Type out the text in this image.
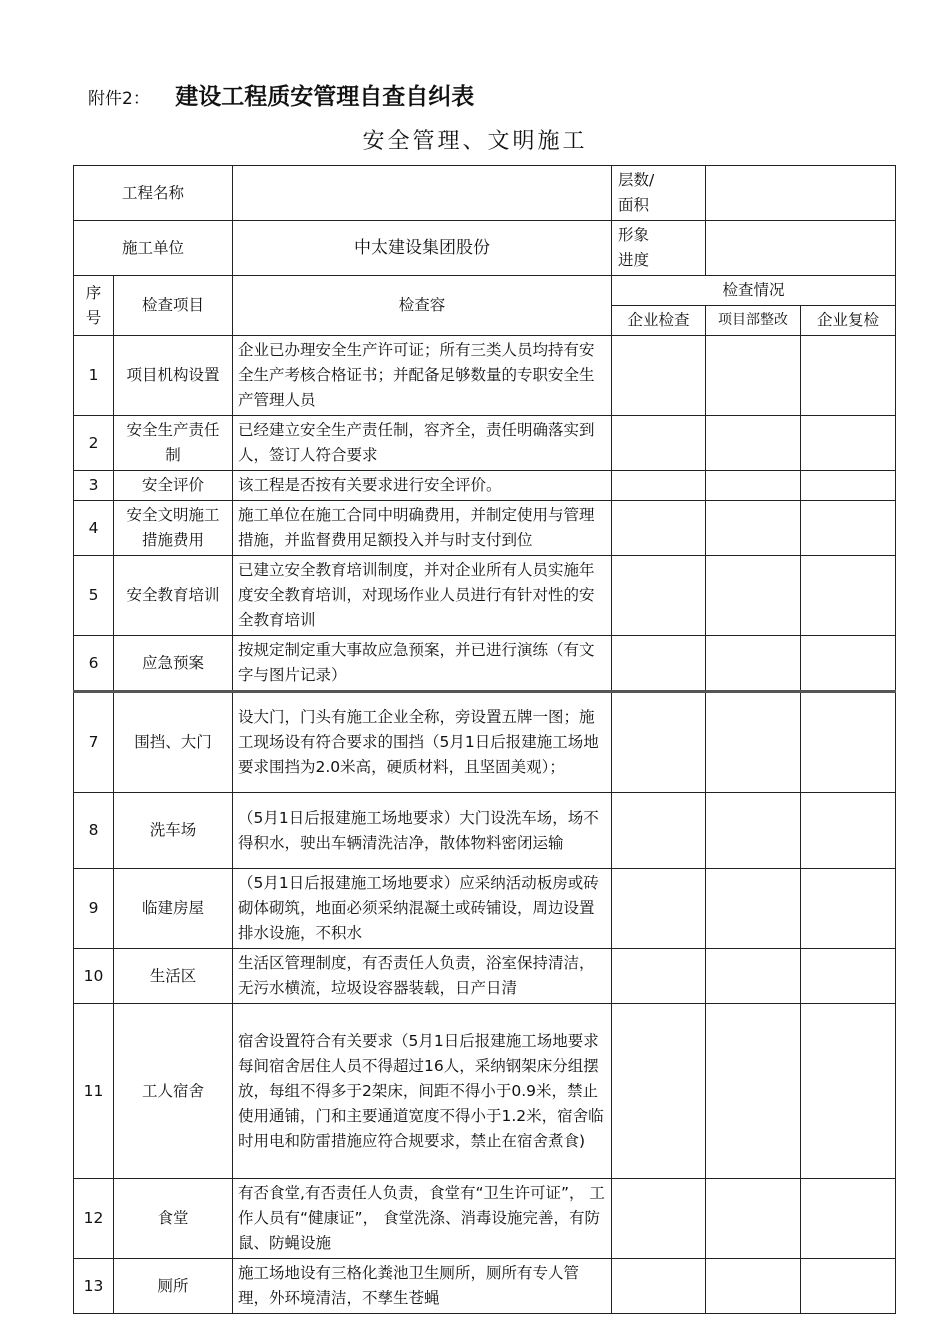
附件2： 建设工程质安管理自查自纠表
安全管理、文明施工
工程名称			层数/
面积		
施工单位		中太建设集团股份	形象
进度		
序
号	检查项目	检查容	检查情况		
			企业检查	项目部整改	企业复检
1	项目机构设置	企业已办理安全生产许可证；所有三类人员均持有安全生产考核合格证书；并配备足够数量的专职安全生产管理人员			
2	安全生产责任制	已经建立安全生产责任制，容齐全，责任明确落实到人，签订人符合要求			
3	安全评价	该工程是否按有关要求进行安全评价。			
4	安全文明施工措施费用	施工单位在施工合同中明确费用，并制定使用与管理措施，并监督费用足额投入并与时支付到位			
5	安全教育培训	已建立安全教育培训制度，并对企业所有人员实施年度安全教育培训，对现场作业人员进行有针对性的安全教育培训			
6	应急预案	按规定制定重大事故应急预案，并已进行演练（有文字与图片记录）			
7	围挡、大门	设大门，门头有施工企业全称，旁设置五牌一图；施工现场设有符合要求的围挡（5月1日后报建施工场地要求围挡为2.0米高，硬质材料，且坚固美观）；			
8	洗车场	（5月1日后报建施工场地要求）大门设洗车场，场不得积水，驶出车辆清洗洁净，散体物料密闭运输			
9	临建房屋	（5月1日后报建施工场地要求）应采纳活动板房或砖砌体砌筑，地面必须采纳混凝土或砖铺设，周边设置排水设施，不积水			
10	生活区	生活区管理制度，有否责任人负责，浴室保持清洁，无污水横流，垃圾设容器装载，日产日清			
11	工人宿舍	宿舍设置符合有关要求（5月1日后报建施工场地要求
每间宿舍居住人员不得超过16人，采纳钢架床分组摆放，每组不得多于2架床，间距不得小于0.9米，禁止使用通铺，门和主要通道宽度不得小于1.2米，宿舍临时用电和防雷措施应符合规要求，禁止在宿舍煮食)			
12	食堂	有否食堂,有否责任人负责，食堂有“卫生许可证”， 工作人员有“健康证”， 食堂洗涤、消毒设施完善，有防鼠、防蝇设施			
13	厕所	施工场地设有三格化粪池卫生厕所，厕所有专人管理，外环境清洁，不孳生苍蝇			
